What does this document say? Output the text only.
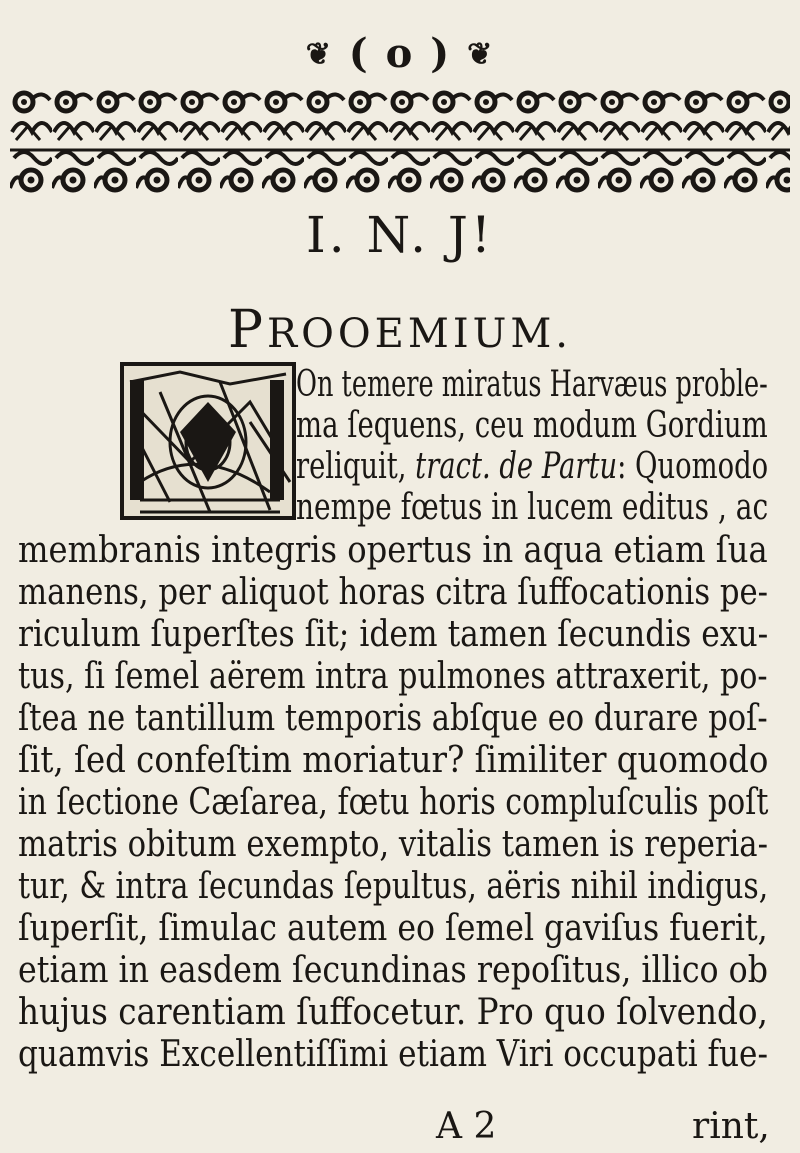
❦ ( o ) ❦
I. N. J!
PROOEMIUM.
On temere miratus Harvæus proble-
ma ſequens, ceu modum Gordium
reliquit, tract. de Partu: Quomodo
nempe fœtus in lucem editus , ac
membranis integris opertus in aqua etiam ſua
manens, per aliquot horas citra ſuffocationis pe-
riculum ſuperſtes ſit; idem tamen ſecundis exu-
tus, ſi ſemel aërem intra pulmones attraxerit, po-
ſtea ne tantillum temporis abſque eo durare poſ-
ſit, ſed confeſtim moriatur? ſimiliter quomodo
in ſectione Cæſarea, fœtu horis compluſculis poſt
matris obitum exempto, vitalis tamen is reperia-
tur, & intra ſecundas ſepultus, aëris nihil indigus,
ſuperſit, ſimulac autem eo ſemel gaviſus fuerit,
etiam in easdem ſecundinas repoſitus, illico ob
hujus carentiam ſuffocetur. Pro quo ſolvendo,
quamvis Excellentiſſimi etiam Viri occupati fue-
A 2	rint,
